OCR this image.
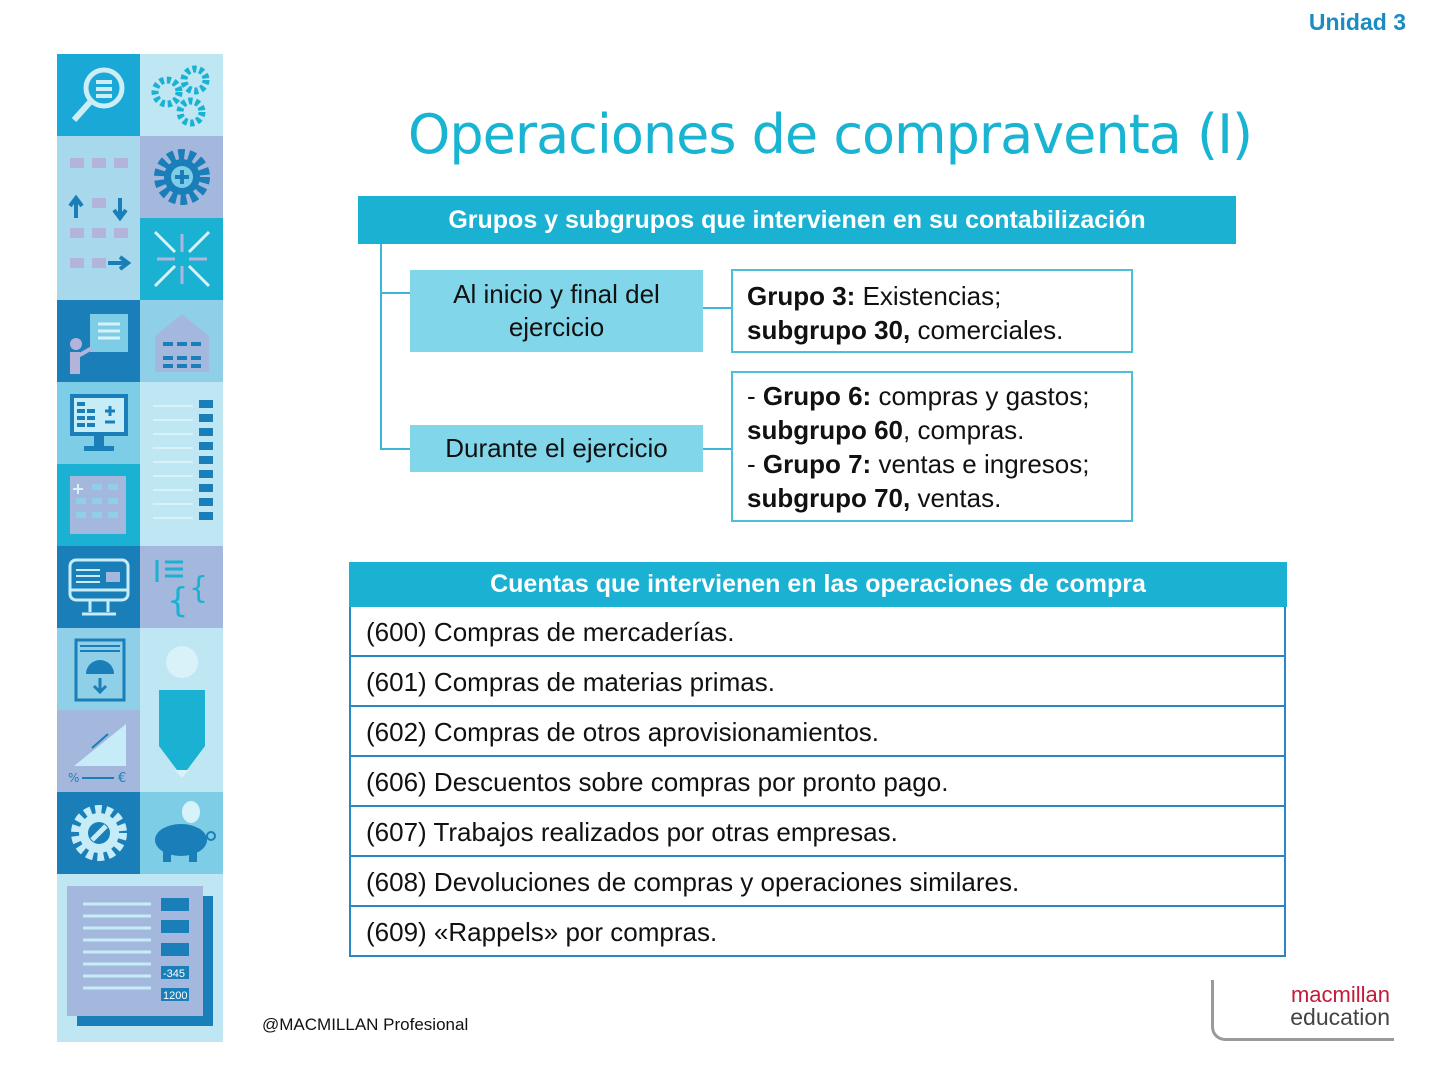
Unidad 3
{ {
%	€
-345
1200
Operaciones de compraventa (I)
Grupos y subgrupos que intervienen en su contabilización
Al inicio y final del
ejercicio
Durante el ejercicio
Grupo 3: Existencias;
subgrupo 30, comerciales.
- Grupo 6: compras y gastos;
subgrupo 60, compras.
- Grupo 7: ventas e ingresos;
subgrupo 70, ventas.
Cuentas que intervienen en las operaciones de compra
(600) Compras de mercaderías.
(601) Compras de materias primas.
(602) Compras de otros aprovisionamientos.
(606) Descuentos sobre compras por pronto pago.
(607) Trabajos realizados por otras empresas.
(608) Devoluciones de compras y operaciones similares.
(609) «Rappels» por compras.
@MACMILLAN Profesional
macmillan
education
